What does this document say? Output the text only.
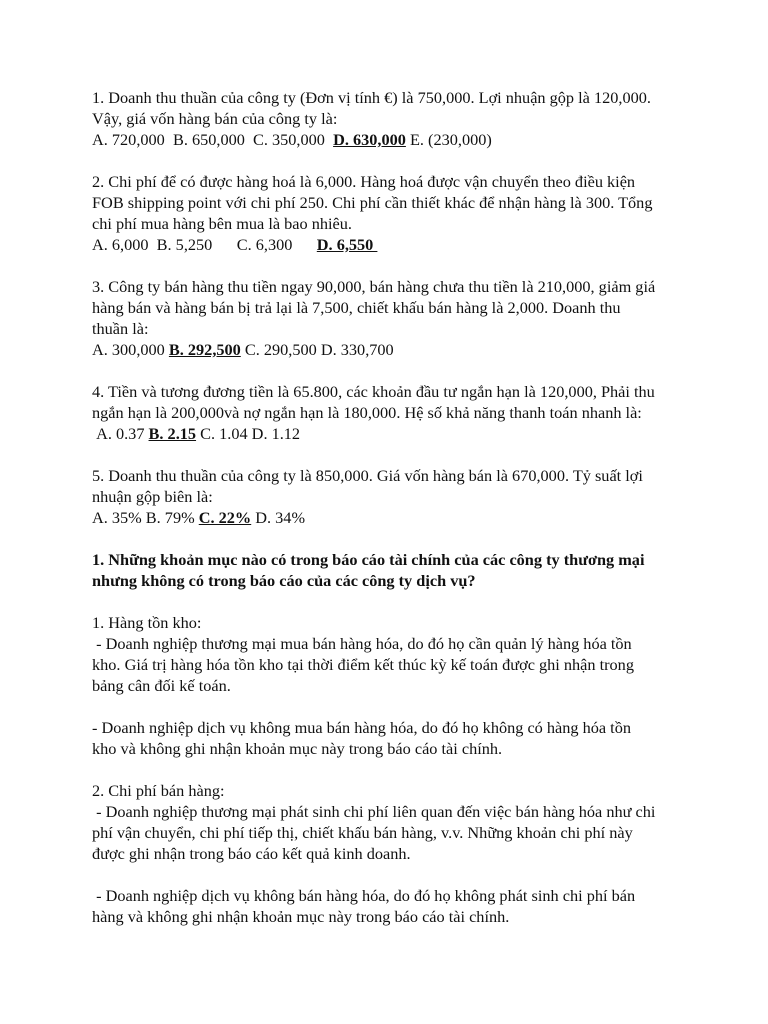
1. Doanh thu thuần của công ty (Đơn vị tính €) là 750,000. Lợi nhuận gộp là 120,000.

Vậy, giá vốn hàng bán của công ty là:

A. 720,000  B. 650,000  C. 350,000  D. 630,000 E. (230,000)

2. Chi phí để có được hàng hoá là 6,000. Hàng hoá được vận chuyển theo điều kiện

FOB shipping point với chi phí 250. Chi phí cần thiết khác để nhận hàng là 300. Tổng

chi phí mua hàng bên mua là bao nhiêu.

A. 6,000  B. 5,250      C. 6,300      D. 6,550

3. Công ty bán hàng thu tiền ngay 90,000, bán hàng chưa thu tiền là 210,000, giảm giá

hàng bán và hàng bán bị trả lại là 7,500, chiết khấu bán hàng là 2,000. Doanh thu

thuần là:

A. 300,000 B. 292,500 C. 290,500 D. 330,700

4. Tiền và tương đương tiền là 65.800, các khoản đầu tư ngắn hạn là 120,000, Phải thu

ngắn hạn là 200,000và nợ ngắn hạn là 180,000. Hệ số khả năng thanh toán nhanh là:

A. 0.37 B. 2.15 C. 1.04 D. 1.12

5. Doanh thu thuần của công ty là 850,000. Giá vốn hàng bán là 670,000. Tỷ suất lợi

nhuận gộp biên là:

A. 35% B. 79% C. 22% D. 34%

1. Những khoản mục nào có trong báo cáo tài chính của các công ty thương mại

nhưng không có trong báo cáo của các công ty dịch vụ?

1. Hàng tồn kho:

- Doanh nghiệp thương mại mua bán hàng hóa, do đó họ cần quản lý hàng hóa tồn

kho. Giá trị hàng hóa tồn kho tại thời điểm kết thúc kỳ kế toán được ghi nhận trong

bảng cân đối kế toán.

- Doanh nghiệp dịch vụ không mua bán hàng hóa, do đó họ không có hàng hóa tồn

kho và không ghi nhận khoản mục này trong báo cáo tài chính.

2. Chi phí bán hàng:

- Doanh nghiệp thương mại phát sinh chi phí liên quan đến việc bán hàng hóa như chi

phí vận chuyển, chi phí tiếp thị, chiết khấu bán hàng, v.v. Những khoản chi phí này

được ghi nhận trong báo cáo kết quả kinh doanh.

- Doanh nghiệp dịch vụ không bán hàng hóa, do đó họ không phát sinh chi phí bán

hàng và không ghi nhận khoản mục này trong báo cáo tài chính.
